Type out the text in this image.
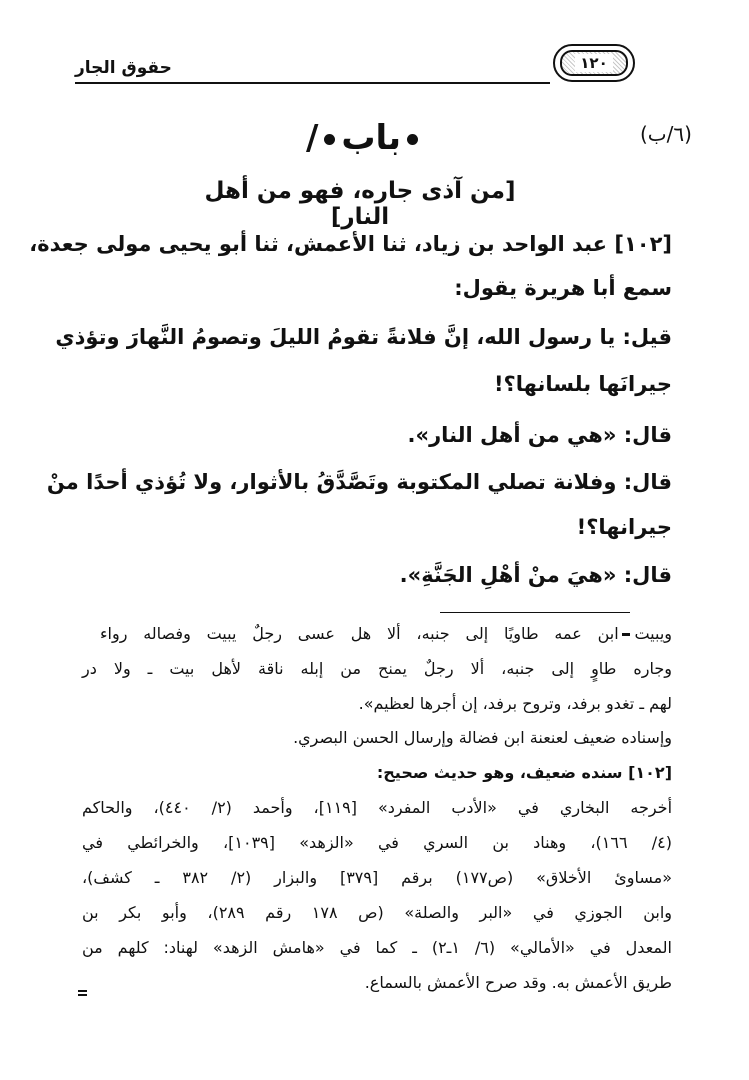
حقوق الجار	١٢٠
(٦/ب)
باب/
[من آذى جاره، فهو من أهل النار]
[١٠٢] عبد الواحد بن زياد، ثنا الأعمش، ثنا أبو يحيى مولى جعدة،
سمع أبا هريرة يقول:
قيل: يا رسول الله، إنَّ فلانةً تقومُ الليلَ وتصومُ النَّهارَ وتؤذي
جيرانَها بلسانها؟!
قال: «هي من أهل النار».
قال: وفلانة تصلي المكتوبة وتَصَّدَّقُ بالأثوار، ولا تُؤذي أحدًا منْ
جيرانها؟!
قال: «هيَ منْ أهْلِ الجَنَّةِ».
ويبيت ابن عمه طاويًا إلى جنبه، ألا هل عسى رجلٌ يبيت وفصاله رواء
وجاره طاوٍ إلى جنبه، ألا رجلٌ يمنح من إبله ناقة لأهل بيت ـ ولا در
لهم ـ تغدو برفد، وتروح برفد، إن أجرها لعظيم».
وإسناده ضعيف لعنعنة ابن فضالة وإرسال الحسن البصري.
[١٠٢] سنده ضعيف، وهو حديث صحيح:
أخرجه البخاري في «الأدب المفرد» [١١٩]، وأحمد (٢/ ٤٤٠)، والحاكم
(٤/ ١٦٦)، وهناد بن السري في «الزهد» [١٠٣٩]، والخرائطي في
«مساوئ الأخلاق» (ص١٧٧) برقم [٣٧٩] والبزار (٢/ ٣٨٢ ـ كشف)،
وابن الجوزي في «البر والصلة» (ص ١٧٨ رقم ٢٨٩)، وأبو بكر بن
المعدل في «الأمالي» (٦/ ١ـ٢) ـ كما في «هامش الزهد» لهناد: كلهم من
طريق الأعمش به. وقد صرح الأعمش بالسماع.
